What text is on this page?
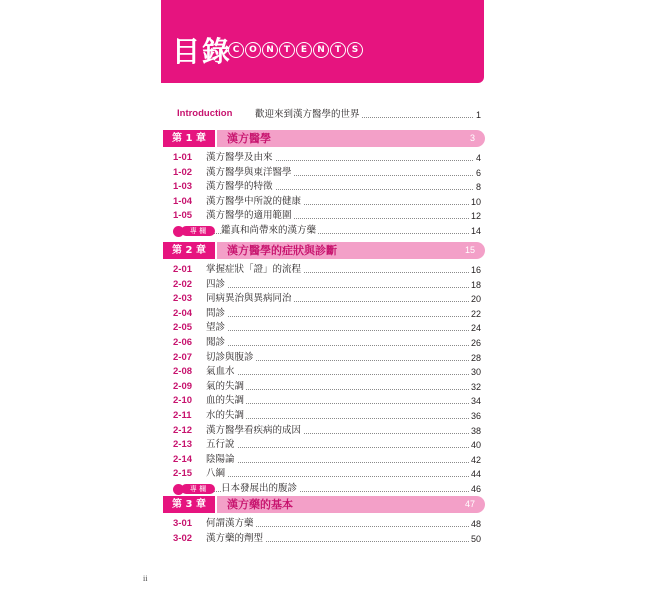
目錄 C	O	N	T	E	N	T	S
Introduction 歡迎來到漢方醫學的世界	1
第 1 章	漢方醫學	3
1-01 漢方醫學及由來	4
1-02 漢方醫學與東洋醫學	6
1-03 漢方醫學的特徵	8
1-04 漢方醫學中所說的健康	10
1-05 漢方醫學的適用範圍	12
專 欄	鑑真和尚帶來的漢方藥	14
第 2 章	漢方醫學的症狀與診斷	15
2-01 掌握症狀「證」的流程	16
2-02 四診	18
2-03 同病異治與異病同治	20
2-04 問診	22
2-05 望診	24
2-06 聞診	26
2-07 切診與腹診	28
2-08 氣血水	30
2-09 氣的失調	32
2-10 血的失調	34
2-11 水的失調	36
2-12 漢方醫學看疾病的成因	38
2-13 五行說	40
2-14 陰陽論	42
2-15 八綱	44
專 欄	日本發展出的腹診	46
第 3 章	漢方藥的基本	47
3-01 何謂漢方藥	48
3-02 漢方藥的劑型	50
ii
